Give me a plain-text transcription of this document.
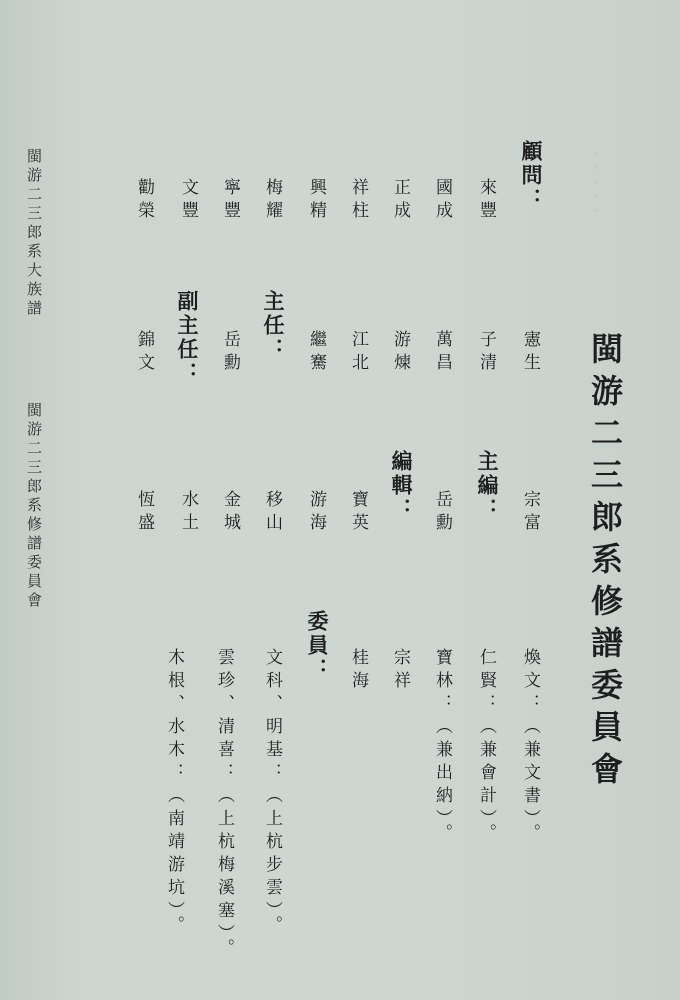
·····
閩游二三郎系大族譜
閩游二三郎系修譜委員會	閩游二三郎系修譜委員會
顧問：
憲生
宗富
煥文：（兼文書）。
來豐
子清
主編：
仁賢：（兼會計）。
國成
萬昌
岳勳
寶林：（兼出納）。
正成
游煉
編輯：
宗祥
祥柱
江北
寶英
桂海
興精
繼騫
游海
委員：
梅耀
主任：
移山
文科、明基：（上杭步雲）。
寧豐
岳勳
金城
雲珍、清喜：（上杭梅溪塞）。
文豐
副主任：
水土
木根、水木：（南靖游坑）。
勸榮
錦文
恆盛
